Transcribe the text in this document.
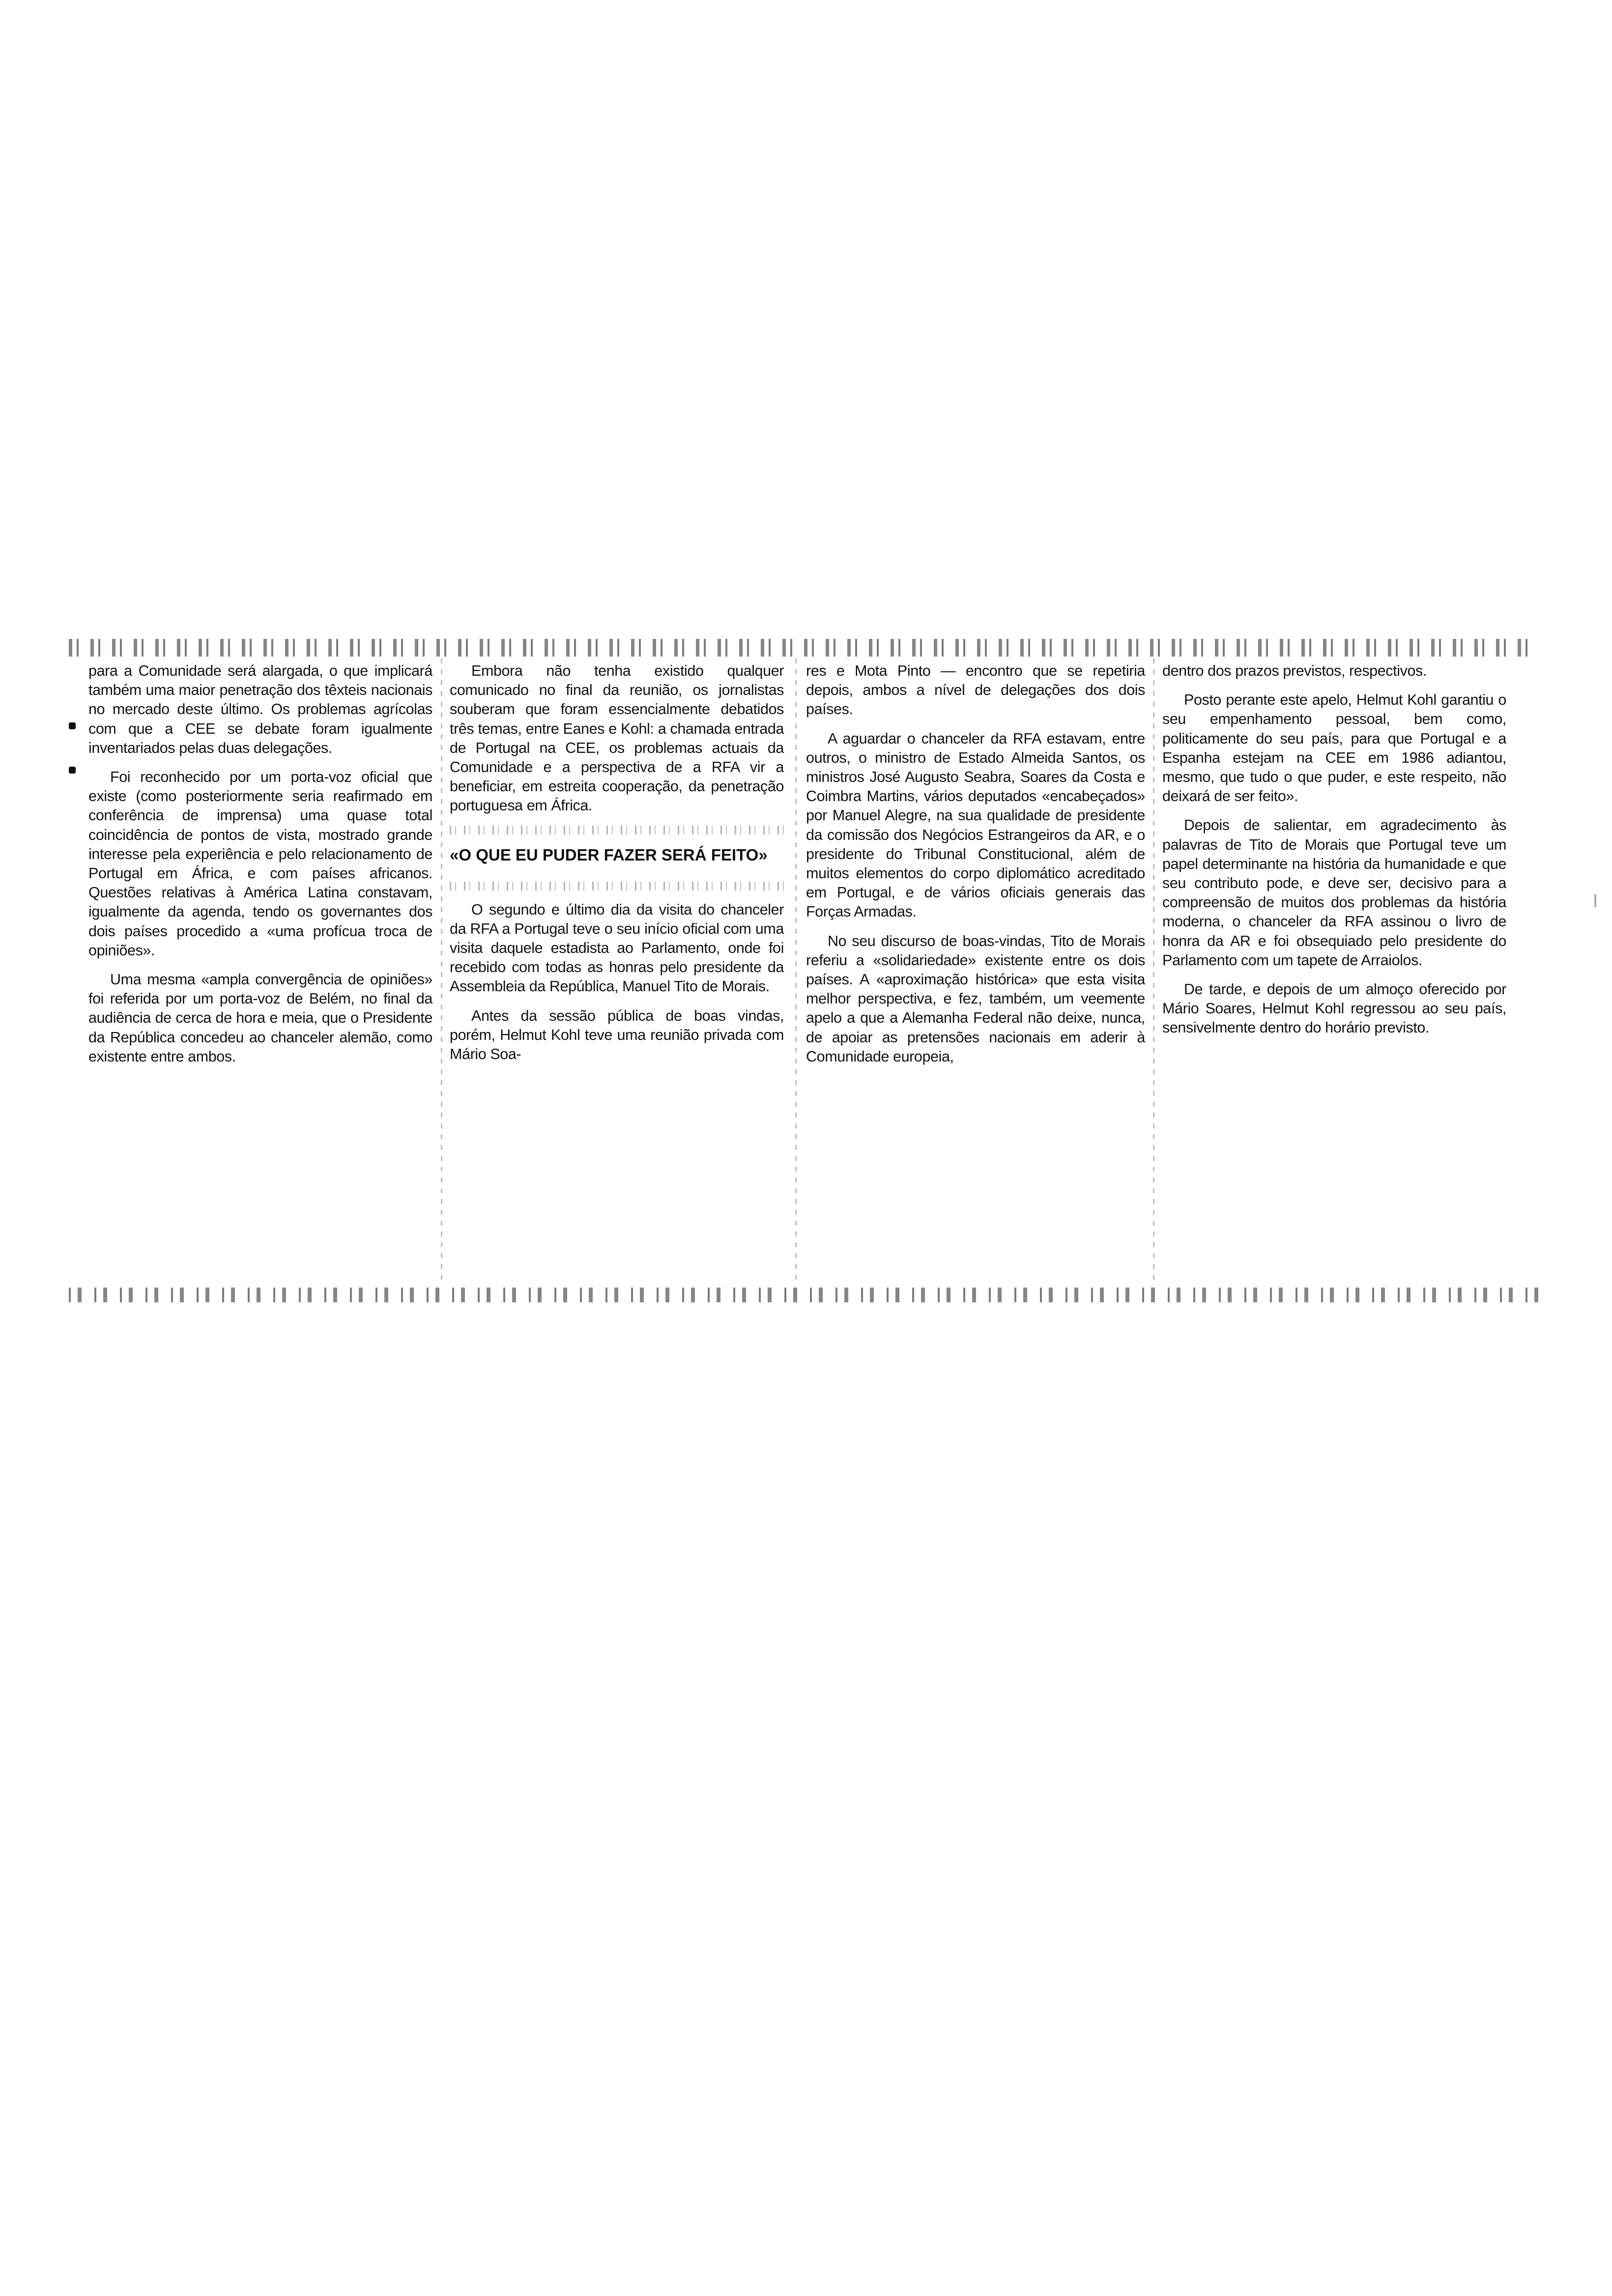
para a Comunidade será alargada, o que implicará também uma maior penetração dos têxteis nacionais no mercado deste último. Os problemas agrícolas com que a CEE se debate foram igualmente inventariados pelas duas delegações.

Foi reconhecido por um porta-voz oficial que existe (como posteriormente seria reafirmado em conferência de imprensa) uma quase total coincidência de pontos de vista, mostrado grande interesse pela experiência e pelo relacionamento de Portugal em África, e com países africanos. Questões relativas à América Latina constavam, igualmente da agenda, tendo os governantes dos dois países procedido a «uma profícua troca de opiniões».

Uma mesma «ampla convergência de opiniões» foi referida por um porta-voz de Belém, no final da audiência de cerca de hora e meia, que o Presidente da República concedeu ao chanceler alemão, como existente entre ambos.

Embora não tenha existido qualquer comunicado no final da reunião, os jornalistas souberam que foram essencialmente debatidos três temas, entre Eanes e Kohl: a chamada entrada de Portugal na CEE, os problemas actuais da Comunidade e a perspectiva de a RFA vir a beneficiar, em estreita cooperação, da penetração portuguesa em África.

«O QUE EU PUDER FAZER SERÁ FEITO»

O segundo e último dia da visita do chanceler da RFA a Portugal teve o seu início oficial com uma visita daquele estadista ao Parlamento, onde foi recebido com todas as honras pelo presidente da Assembleia da República, Manuel Tito de Morais.

Antes da sessão pública de boas vindas, porém, Helmut Kohl teve uma reunião privada com Mário Soa-

res e Mota Pinto — encontro que se repetiria depois, ambos a nível de delegações dos dois países.

A aguardar o chanceler da RFA estavam, entre outros, o ministro de Estado Almeida Santos, os ministros José Augusto Seabra, Soares da Costa e Coimbra Martins, vários deputados «encabeçados» por Manuel Alegre, na sua qualidade de presidente da comissão dos Negócios Estrangeiros da AR, e o presidente do Tribunal Constitucional, além de muitos elementos do corpo diplomático acreditado em Portugal, e de vários oficiais generais das Forças Armadas.

No seu discurso de boas-vindas, Tito de Morais referiu a «solidariedade» existente entre os dois países. A «aproximação histórica» que esta visita melhor perspectiva, e fez, também, um veemente apelo a que a Alemanha Federal não deixe, nunca, de apoiar as pretensões nacionais em aderir à Comunidade europeia,

dentro dos prazos previstos, respectivos.

Posto perante este apelo, Helmut Kohl garantiu o seu empenhamento pessoal, bem como, politicamente do seu país, para que Portugal e a Espanha estejam na CEE em 1986 adiantou, mesmo, que tudo o que puder, e este respeito, não deixará de ser feito».

Depois de salientar, em agradecimento às palavras de Tito de Morais que Portugal teve um papel determinante na história da humanidade e que seu contributo pode, e deve ser, decisivo para a compreensão de muitos dos problemas da história moderna, o chanceler da RFA assinou o livro de honra da AR e foi obsequiado pelo presidente do Parlamento com um tapete de Arraiolos.

De tarde, e depois de um almoço oferecido por Mário Soares, Helmut Kohl regressou ao seu país, sensivelmente dentro do horário previsto.
